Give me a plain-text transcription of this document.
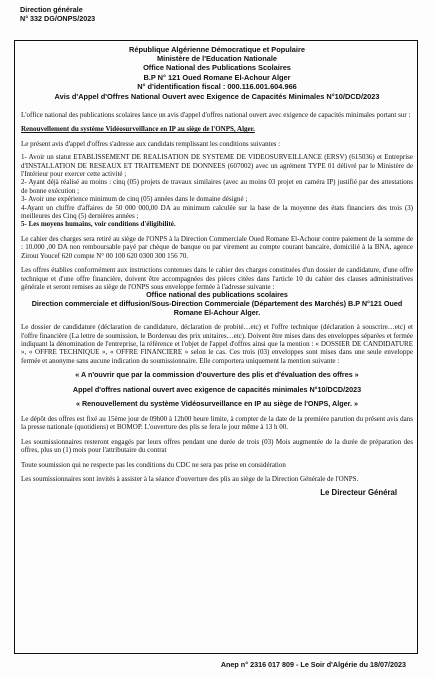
Direction générale
N° 332 DG/ONPS/2023
République Algérienne Démocratique et Populaire
Ministère de l'Education Nationale
Office National des Publications Scolaires
B.P N° 121 Oued Romane El-Achour Alger
N° d'identification fiscal : 000.116.001.604.966
Avis d'Appel d'Offres National Ouvert avec Exigence de Capacités Minimales N°10/DCD/2023

L'office national des publications scolaires lance un avis d'appel d'offres national ouvert avec exigence de capacités minimales portant sur :

Renouvellement du système Vidéosurveillance en IP au siège de l'ONPS, Alger.

Le présent avis d'appel d'offres s'adresse aux candidats remplissant les conditions suivantes :

1- Avoir un statut ETABLISSEMENT DE REALISATION DE SYSTEME DE VIDEOSURVEILLANCE (ERSV) (615036) et Entreprise d'INSTALLATION DE RESEAUX ET TRAITEMENT DE DONNEES (607002) avec un agrément TYPE 01 délivré par le Ministère de l'Intérieur pour exercer cette activité ;

2- Ayant déjà réalisé au moins : cinq (05) projets de travaux similaires (avec au moins 03 projet en caméra IP) justifié par des attestations de bonne exécution ;

3- Avoir une expérience minimum de cinq (05) années dans le domaine désigné ;

4-Ayant un chiffre d'affaires de 50 000 000,00 DA au minimum calculée sur la base de la moyenne des états financiers des trois (3) meilleures des Cinq (5) dernières années ;

5- Les moyens humains, voir conditions d'éligibilité.

Le cahier des charges sera retiré au siège de l'ONPS à la Direction Commerciale Oued Romane El-Achour contre paiement de la somme de : 10.000 ,00 DA non remboursable payé par chèque de banque ou par virement au compte courant bancaire, domicilié à la BNA, agence Zirout Youcef 620 compte N° 00 100 620 0300 300 156 70.

Les offres établies conformément aux instructions contenues dans le cahier des charges constituées d'un dossier de candidature, d'une offre technique et d'une offre financière, doivent être accompagnées des pièces citées dans l'article 10 du cahier des clauses administratives générale et seront remises au siège de l'ONPS sous enveloppe fermée à l'adresse suivante :

Office national des publications scolaires

Direction commerciale et diffusion/Sous-Direction Commerciale (Département des Marchés) B.P N°121 Oued Romane El-Achour Alger.

Le dossier de candidature (déclaration de candidature, déclaration de probité…etc) et l'offre technique (déclaration à souscrire…etc) et l'offre financière (La lettre de soumission, le Bordereau des prix unitaires…etc). Doivent être mises dans des enveloppes séparées et fermée indiquant la dénomination de l'entreprise, la référence et l'objet de l'appel d'offres ainsi que la mention : « DOSSIER DE CANDIDATURE », « OFFRE TECHNIQUE », « OFFRE FINANCIERE » selon le cas. Ces trois (03) enveloppes sont mises dans une seule enveloppe fermée et anonyme sans aucune indication du soumissionnaire. Elle comportera uniquement la mention suivante :

« A n'ouvrir que par la commission d'ouverture des plis et d'évaluation des offres »

Appel d'offres national ouvert avec exigence de capacités minimales N°10/DCD/2023

« Renouvellement du système Vidéosurveillance en IP au siège de l'ONPS, Alger. »

Le dépôt des offres est fixé au 15ème jour de 09h00 à 12h00 heure limite, à compter de la date de la première parution du présent avis dans la presse nationale (quotidiens) et BOMOP. L'ouverture des plis se fera le jour même à 13 h 00.

Les soumissionnaires resteront engagés par leurs offres pendant une durée de trois (03) Mois augmentée de la durée de préparation des offres, plus un (1) mois pour l'attributaire du contrat

Toute soumission qui ne respecte pas les conditions du CDC ne sera pas prise en considération

Les soumissionnaires sont invités à assister à la séance d'ouverture des plis au siège de la Direction Générale de l'ONPS.

Le Directeur Général

Anep n° 2316 017 809 - Le Soir d'Algérie du 18/07/2023
